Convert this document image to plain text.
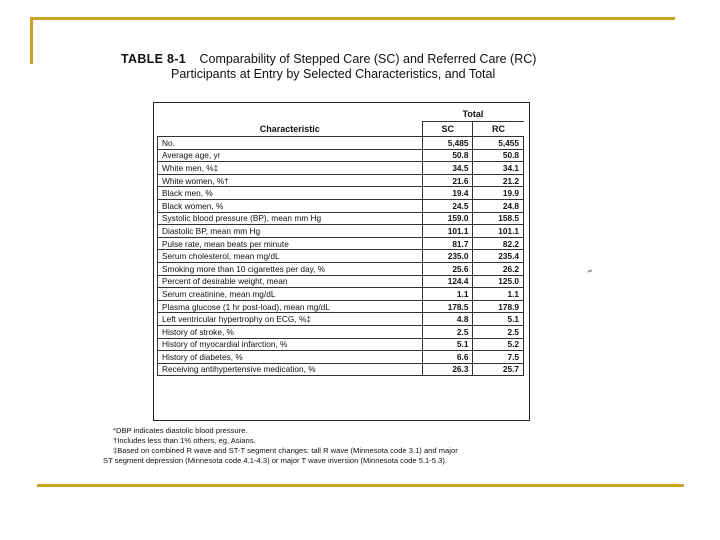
TABLE 8-1 Comparability of Stepped Care (SC) and Referred Care (RC)
Participants at Entry by Selected Characteristics, and Total
	Total	
Characteristic	SC	RC
No.	5,485	5,455
Average age, yr	50.8	50.8
White men, %‡	34.5	34.1
White women, %†	21.6	21.2
Black men, %	19.4	19.9
Black women, %	24.5	24.8
Systolic blood pressure (BP), mean mm Hg	159.0	158.5
Diastolic BP, mean mm Hg	101.1	101.1
Pulse rate, mean beats per minute	81.7	82.2
Serum cholesterol, mean mg/dL	235.0	235.4
Smoking more than 10 cigarettes per day, %	25.6	26.2
Percent of desirable weight, mean	124.4	125.0
Serum creatinine, mean mg/dL	1.1	1.1
Plasma glucose (1 hr post-load), mean mg/dL	178.5	178.9
Left ventricular hypertrophy on ECG, %‡	4.8	5.1
History of stroke, %	2.5	2.5
History of myocardial infarction, %	5.1	5.2
History of diabetes, %	6.6	7.5
Receiving antihypertensive medication, %	26.3	25.7
*DBP indicates diastolic blood pressure.
†Includes less than 1% others, eg, Asians.
‡Based on combined R wave and ST-T segment changes: tall R wave (Minnesota code 3.1) and major
ST segment depression (Minnesota code 4.1-4.3) or major T wave inversion (Minnesota code 5.1-5.3).
